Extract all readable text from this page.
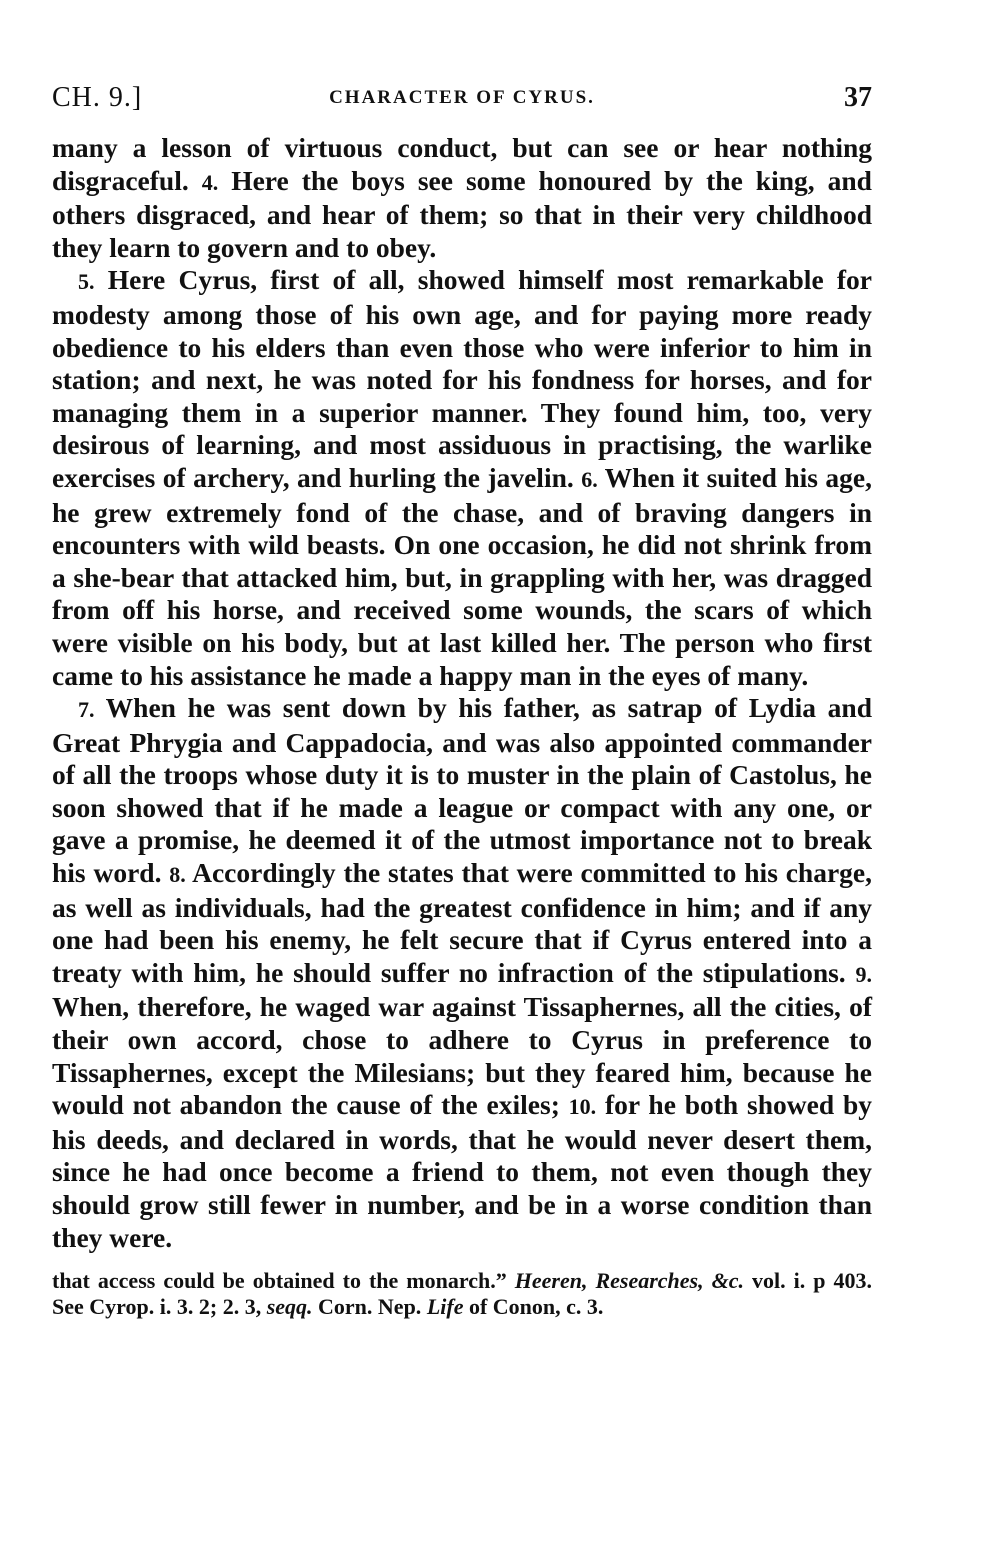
CH. 9.]	CHARACTER OF CYRUS.	37

many a lesson of virtuous conduct, but can see or hear nothing disgraceful. 4. Here the boys see some honoured by the king, and others disgraced, and hear of them; so that in their very childhood they learn to govern and to obey.

5. Here Cyrus, first of all, showed himself most remarkable for modesty among those of his own age, and for paying more ready obedience to his elders than even those who were inferior to him in station; and next, he was noted for his fondness for horses, and for managing them in a superior manner. They found him, too, very desirous of learning, and most assiduous in practising, the warlike exercises of archery, and hurling the javelin. 6. When it suited his age, he grew extremely fond of the chase, and of braving dangers in encounters with wild beasts. On one occasion, he did not shrink from a she-bear that attacked him, but, in grappling with her, was dragged from off his horse, and received some wounds, the scars of which were visible on his body, but at last killed her. The person who first came to his assistance he made a happy man in the eyes of many.

7. When he was sent down by his father, as satrap of Lydia and Great Phrygia and Cappadocia, and was also appointed commander of all the troops whose duty it is to muster in the plain of Castolus, he soon showed that if he made a league or compact with any one, or gave a promise, he deemed it of the utmost importance not to break his word. 8. Accordingly the states that were committed to his charge, as well as individuals, had the greatest confidence in him; and if any one had been his enemy, he felt secure that if Cyrus entered into a treaty with him, he should suffer no infraction of the stipulations. 9. When, therefore, he waged war against Tissaphernes, all the cities, of their own accord, chose to adhere to Cyrus in preference to Tissaphernes, except the Milesians; but they feared him, because he would not abandon the cause of the exiles; 10. for he both showed by his deeds, and declared in words, that he would never desert them, since he had once become a friend to them, not even though they should grow still fewer in number, and be in a worse condition than they were.

that access could be obtained to the monarch.” Heeren, Researches, &c. vol. i. p 403. See Cyrop. i. 3. 2; 2. 3, seqq. Corn. Nep. Life of Conon, c. 3.
